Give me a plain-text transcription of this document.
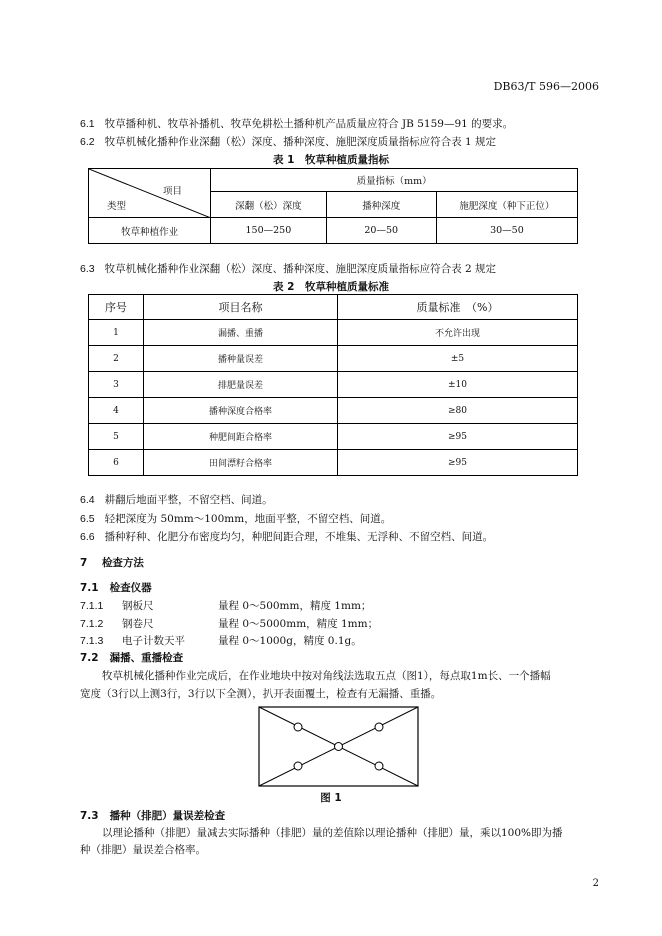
DB63/T 596—2006
6.1 牧草播种机、牧草补播机、牧草免耕松土播种机产品质量应符合 JB 5159—91 的要求。
6.2 牧草机械化播种作业深翻（松）深度、播种深度、施肥深度质量指标应符合表 1 规定
表 1　牧草种植质量指标
项目
类型	质量指标（mm）		
	深翻（松）深度	播种深度	施肥深度（种下正位）
牧草种植作业	150—250	20—50	30—50
6.3 牧草机械化播种作业深翻（松）深度、播种深度、施肥深度质量指标应符合表 2 规定
表 2　牧草种植质量标准
序号	项目名称	质量标准　（%）
1	漏播、重播	不允许出现
2	播种量误差	±5
3	排肥量误差	±10
4	播种深度合格率	≥80
5	种肥间距合格率	≥95
6	田间漂籽合格率	≥95
6.4 耕翻后地面平整，不留空档、间道。
6.5 轻耙深度为 50mm～100mm，地面平整，不留空档、间道。
6.6 播种籽种、化肥分布密度均匀，种肥间距合理，不堆集、无浮种、不留空档、间道。
7 检查方法
7.1 检查仪器
7.1.1 钢板尺	量程 0～500mm，精度 1mm；
7.1.2 钢卷尺	量程 0～5000mm，精度 1mm；
7.1.3 电子计数天平	量程 0～1000g，精度 0.1g。
7.2 漏播、重播检查
牧草机械化播种作业完成后，在作业地块中按对角线法选取五点（图1），每点取1m长、一个播幅
宽度（3行以上测3行，3行以下全测），扒开表面覆土，检查有无漏播、重播。
图 1
7.3 播种（排肥）量误差检查
以理论播种（排肥）量减去实际播种（排肥）量的差值除以理论播种（排肥）量，乘以100%即为播
种（排肥）量误差合格率。
2
